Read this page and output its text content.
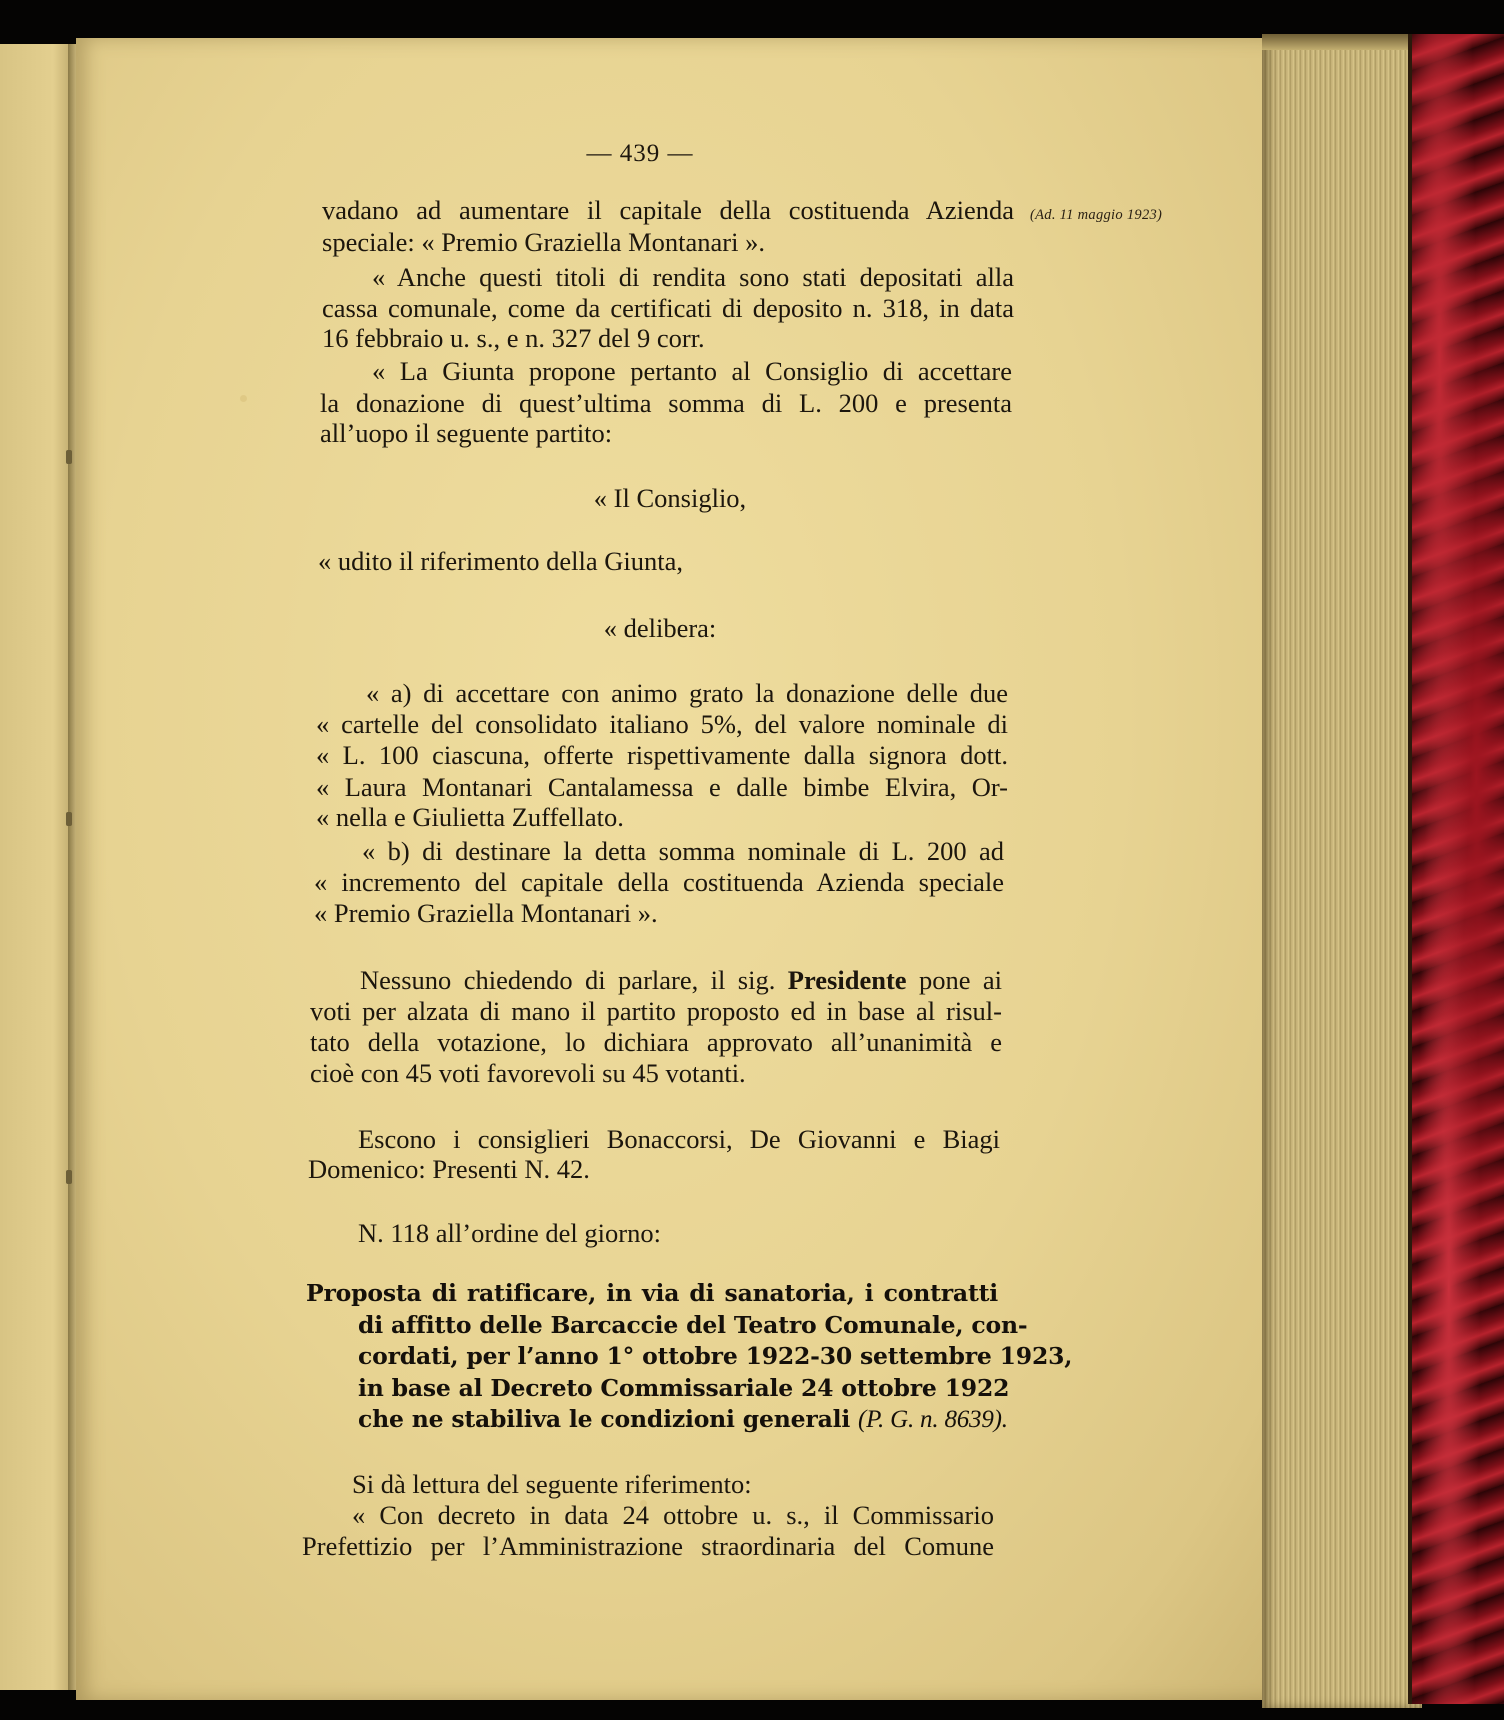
— 439 —

(Ad. 11 maggio 1923)

vadano ad aumentare il capitale della costituenda Azienda

speciale: « Premio Graziella Montanari ».

« Anche questi titoli di rendita sono stati depositati alla

cassa comunale, come da certificati di deposito n. 318, in data

16 febbraio u. s., e n. 327 del 9 corr.

« La Giunta propone pertanto al Consiglio di accettare

la donazione di quest’ultima somma di L. 200 e presenta

all’uopo il seguente partito:

« Il Consiglio,

« udito il riferimento della Giunta,

« delibera:

« a) di accettare con animo grato la donazione delle due

« cartelle del consolidato italiano 5%, del valore nominale di

« L. 100 ciascuna, offerte rispettivamente dalla signora dott.

« Laura Montanari Cantalamessa e dalle bimbe Elvira, Or-

« nella e Giulietta Zuffellato.

« b) di destinare la detta somma nominale di L. 200 ad

« incremento del capitale della costituenda Azienda speciale

« Premio Graziella Montanari ».

Nessuno chiedendo di parlare, il sig. Presidente pone ai

voti per alzata di mano il partito proposto ed in base al risul-

tato della votazione, lo dichiara approvato all’unanimità e

cioè con 45 voti favorevoli su 45 votanti.

Escono i consiglieri Bonaccorsi, De Giovanni e Biagi

Domenico: Presenti N. 42.

N. 118 all’ordine del giorno:

Proposta di ratificare, in via di sanatoria, i contratti

di affitto delle Barcaccie del Teatro Comunale, con-

cordati, per l’anno 1° ottobre 1922-30 settembre 1923,

in base al Decreto Commissariale 24 ottobre 1922

che ne stabiliva le condizioni generali (P. G. n. 8639).

Si dà lettura del seguente riferimento:

« Con decreto in data 24 ottobre u. s., il Commissario

Prefettizio per l’Amministrazione straordinaria del Comune
